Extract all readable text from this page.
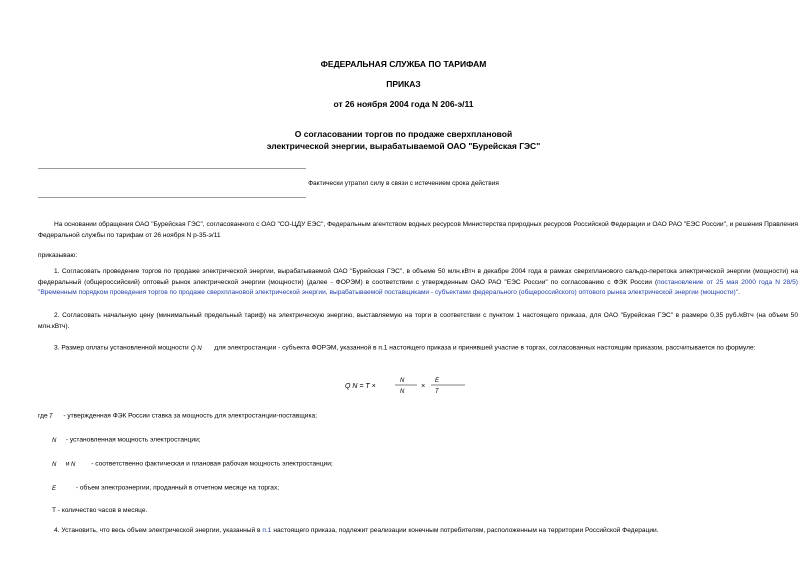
ФЕДЕРАЛЬНАЯ СЛУЖБА ПО ТАРИФАМ
ПРИКАЗ
от 26 ноября 2004 года N 206-э/11
О согласовании торгов по продаже сверхплановой
электрической энергии, вырабатываемой ОАО "Бурейская ГЭС"
Фактически утратил силу в связи с истечением срока действия
На основании обращения ОАО "Бурейская ГЭС", согласованного с ОАО "СО-ЦДУ ЕЭС", Федеральным агентством водных ресурсов Министерства природных ресурсов Российской Федерации и ОАО РАО "ЕЭС России", и решения Правления Федеральной службы по тарифам от 26 ноября N р-35-э/11
приказываю:
1. Согласовать проведение торгов по продаже электрической энергии, вырабатываемой ОАО "Бурейская ГЭС", в объеме 50 млн.кВтч в декабре 2004 года в рамках сверхпланового сальдо-перетока электрической энергии (мощности) на федеральный (общероссийский) оптовый рынок электрической энергии (мощности) (далее - ФОРЭМ) в соответствии с утвержденным ОАО РАО "ЕЭС России" по согласованию с ФЭК России (постановление от 25 мая 2000 года N 28/5) "Временным порядком проведения торгов по продаже сверхплановой электрической энергии, вырабатываемой поставщиками - субъектами федерального (общероссийского) оптового рынка электрической энергии (мощности)".
2. Согласовать начальную цену (минимальный предельный тариф) на электрическую энергию, выставляемую на торги в соответствии с пунктом 1 настоящего приказа, для ОАО "Бурейская ГЭС" в размере 0,35 руб./кВтч (на объем 50 млн.кВтч).
3. Размер оплаты установленной мощности Q N для электростанции - субъекта ФОРЭМ, указанной в п.1 настоящего приказа и принявшей участие в торгах, согласованных настоящим приказом, рассчитывается по формуле:
Q N = T ×
N
N
×
E
T
где Т - утвержденная ФЭК России ставка за мощность для электростанции-поставщика;
N - установленная мощность электростанции;
N и N - соответственно фактическая и плановая рабочая мощность электростанции;
E	- объем электроэнергии, проданный в отчетном месяце на торгах;
Т - количество часов в месяце.
4. Установить, что весь объем электрической энергии, указанный в п.1 настоящего приказа, подлежит реализации конечным потребителям, расположенным на территории Российской Федерации.
